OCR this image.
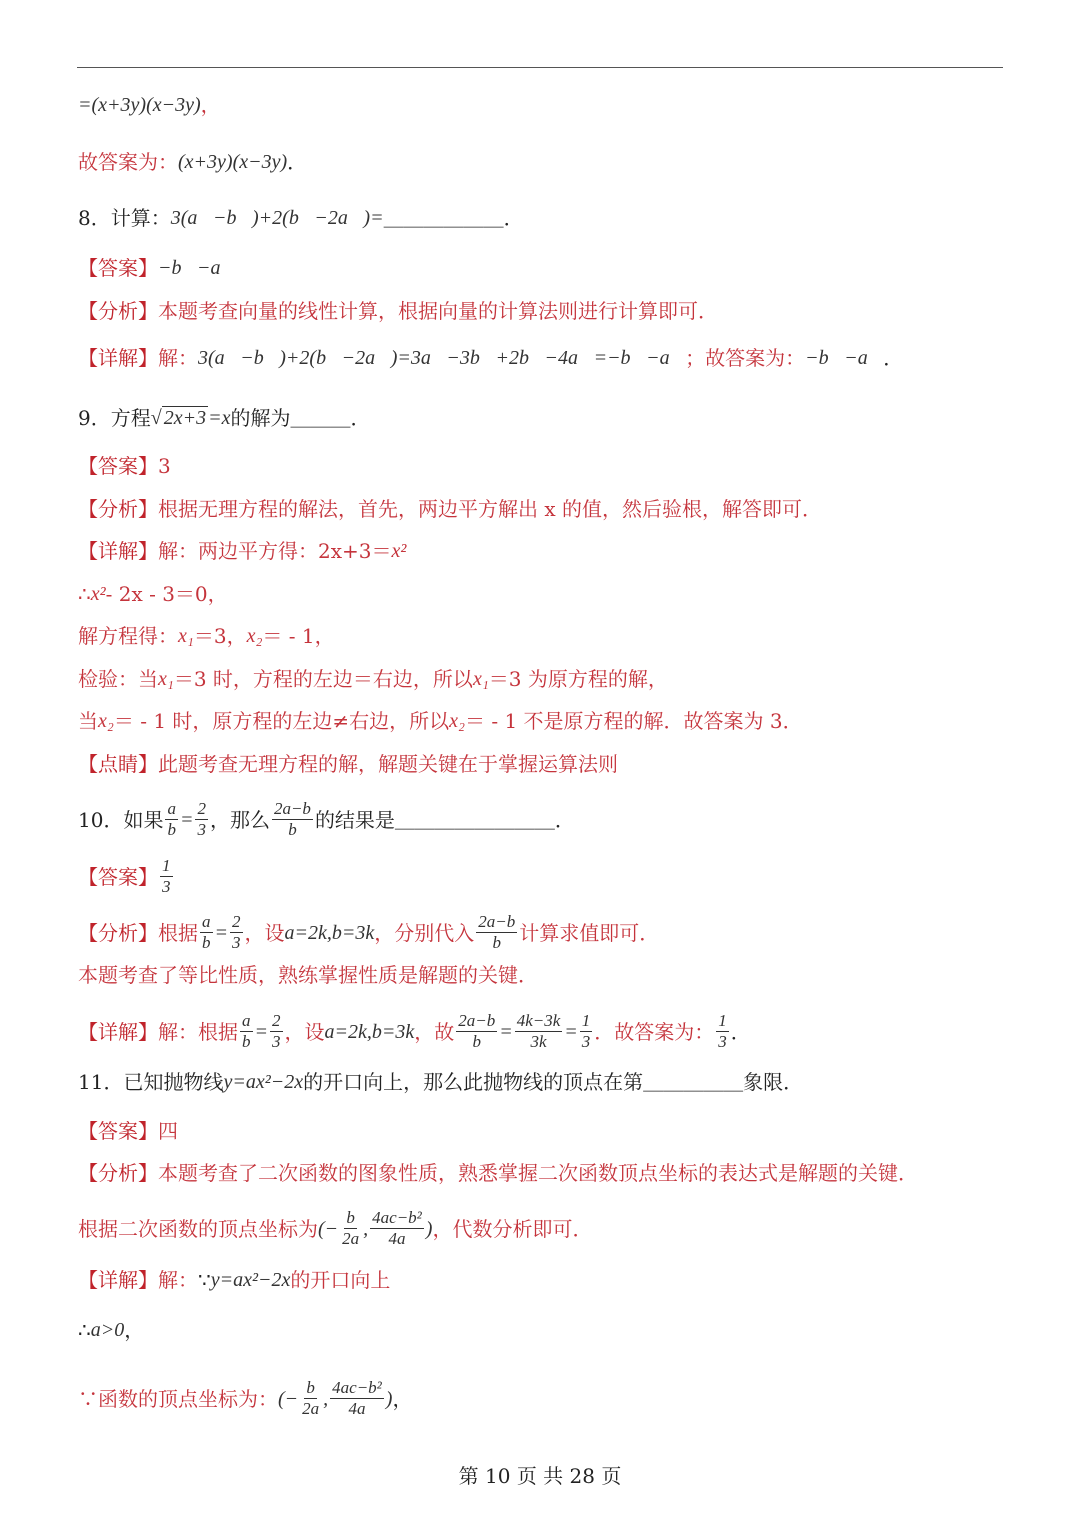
=(x+3y)(x−3y) ，
故答案为： (x+3y)(x−3y) ．
8．计算： 3(a⃗−b⃗)+2(b⃗−2a⃗)= ＿＿＿＿＿＿ ．
【答案】 −b⃗−a⃗
【分析】 本题考查向量的线性计算，根据向量的计算法则进行计算即可．
【详解】 解： 3(a⃗−b⃗)+2(b⃗−2a⃗)=3a⃗−3b⃗+2b⃗−4a⃗=−b⃗−a⃗ ；故答案为： −b⃗−a⃗ ．
9．方程 √ 2x+3 =x 的解为＿＿＿．
【答案】 3
【分析】 根据无理方程的解法，首先，两边平方解出 x 的值，然后验根，解答即可．
【详解】 解：两边平方得：2x+3＝ x²
∴ x² - 2x - 3＝0，
解方程得： x₁ ＝3， x₂ ＝ - 1，
检验：当 x₁ ＝3 时，方程的左边＝右边，所以 x₁ ＝3 为原方程的解，
当 x₂ ＝ - 1 时，原方程的左边≠右边，所以 x₂ ＝ - 1 不是原方程的解．故答案为 3．
【点睛】 此题考查无理方程的解，解题关键在于掌握运算法则
10．如果 $\frac{a}{b} = \frac{2}{3}$ ，那么 $\frac{2a-b}{b}$ 的结果是＿＿＿＿＿＿＿＿．
【答案】 $\frac{1}{3}$
【分析】 根据 $\frac{a}{b} = \frac{2}{3}$ ，设 a=2k,b=3k ，分别代入 $\frac{2a-b}{b}$ 计算求值即可．
本题考查了等比性质，熟练掌握性质是解题的关键．
【详解】 解：根据 $\frac{a}{b} = \frac{2}{3}$ ，设 a=2k,b=3k ，故 $\frac{2a-b}{b} = \frac{4k-3k}{3k} = \frac{1}{3}$ ．故答案为： $\frac{1}{3}$ ．
11．已知抛物线 y=ax²−2x 的开口向上，那么此抛物线的顶点在第＿＿＿＿＿象限．
【答案】 四
【分析】 本题考查了二次函数的图象性质，熟悉掌握二次函数顶点坐标的表达式是解题的关键．
根据二次函数的顶点坐标为 (− $\frac{b}{2a}$ , $\frac{\text{4ac−b²}}{4a}$ ) ，代数分析即可．
【详解】 解： ∵ y=ax²−2x 的开口向上
∴ a>0 ，
∵函数的顶点坐标为： (− $\frac{b}{2a}$ , $\frac{\text{4ac−b²}}{4a}$ ) ，
第 10 页 共 28 页
